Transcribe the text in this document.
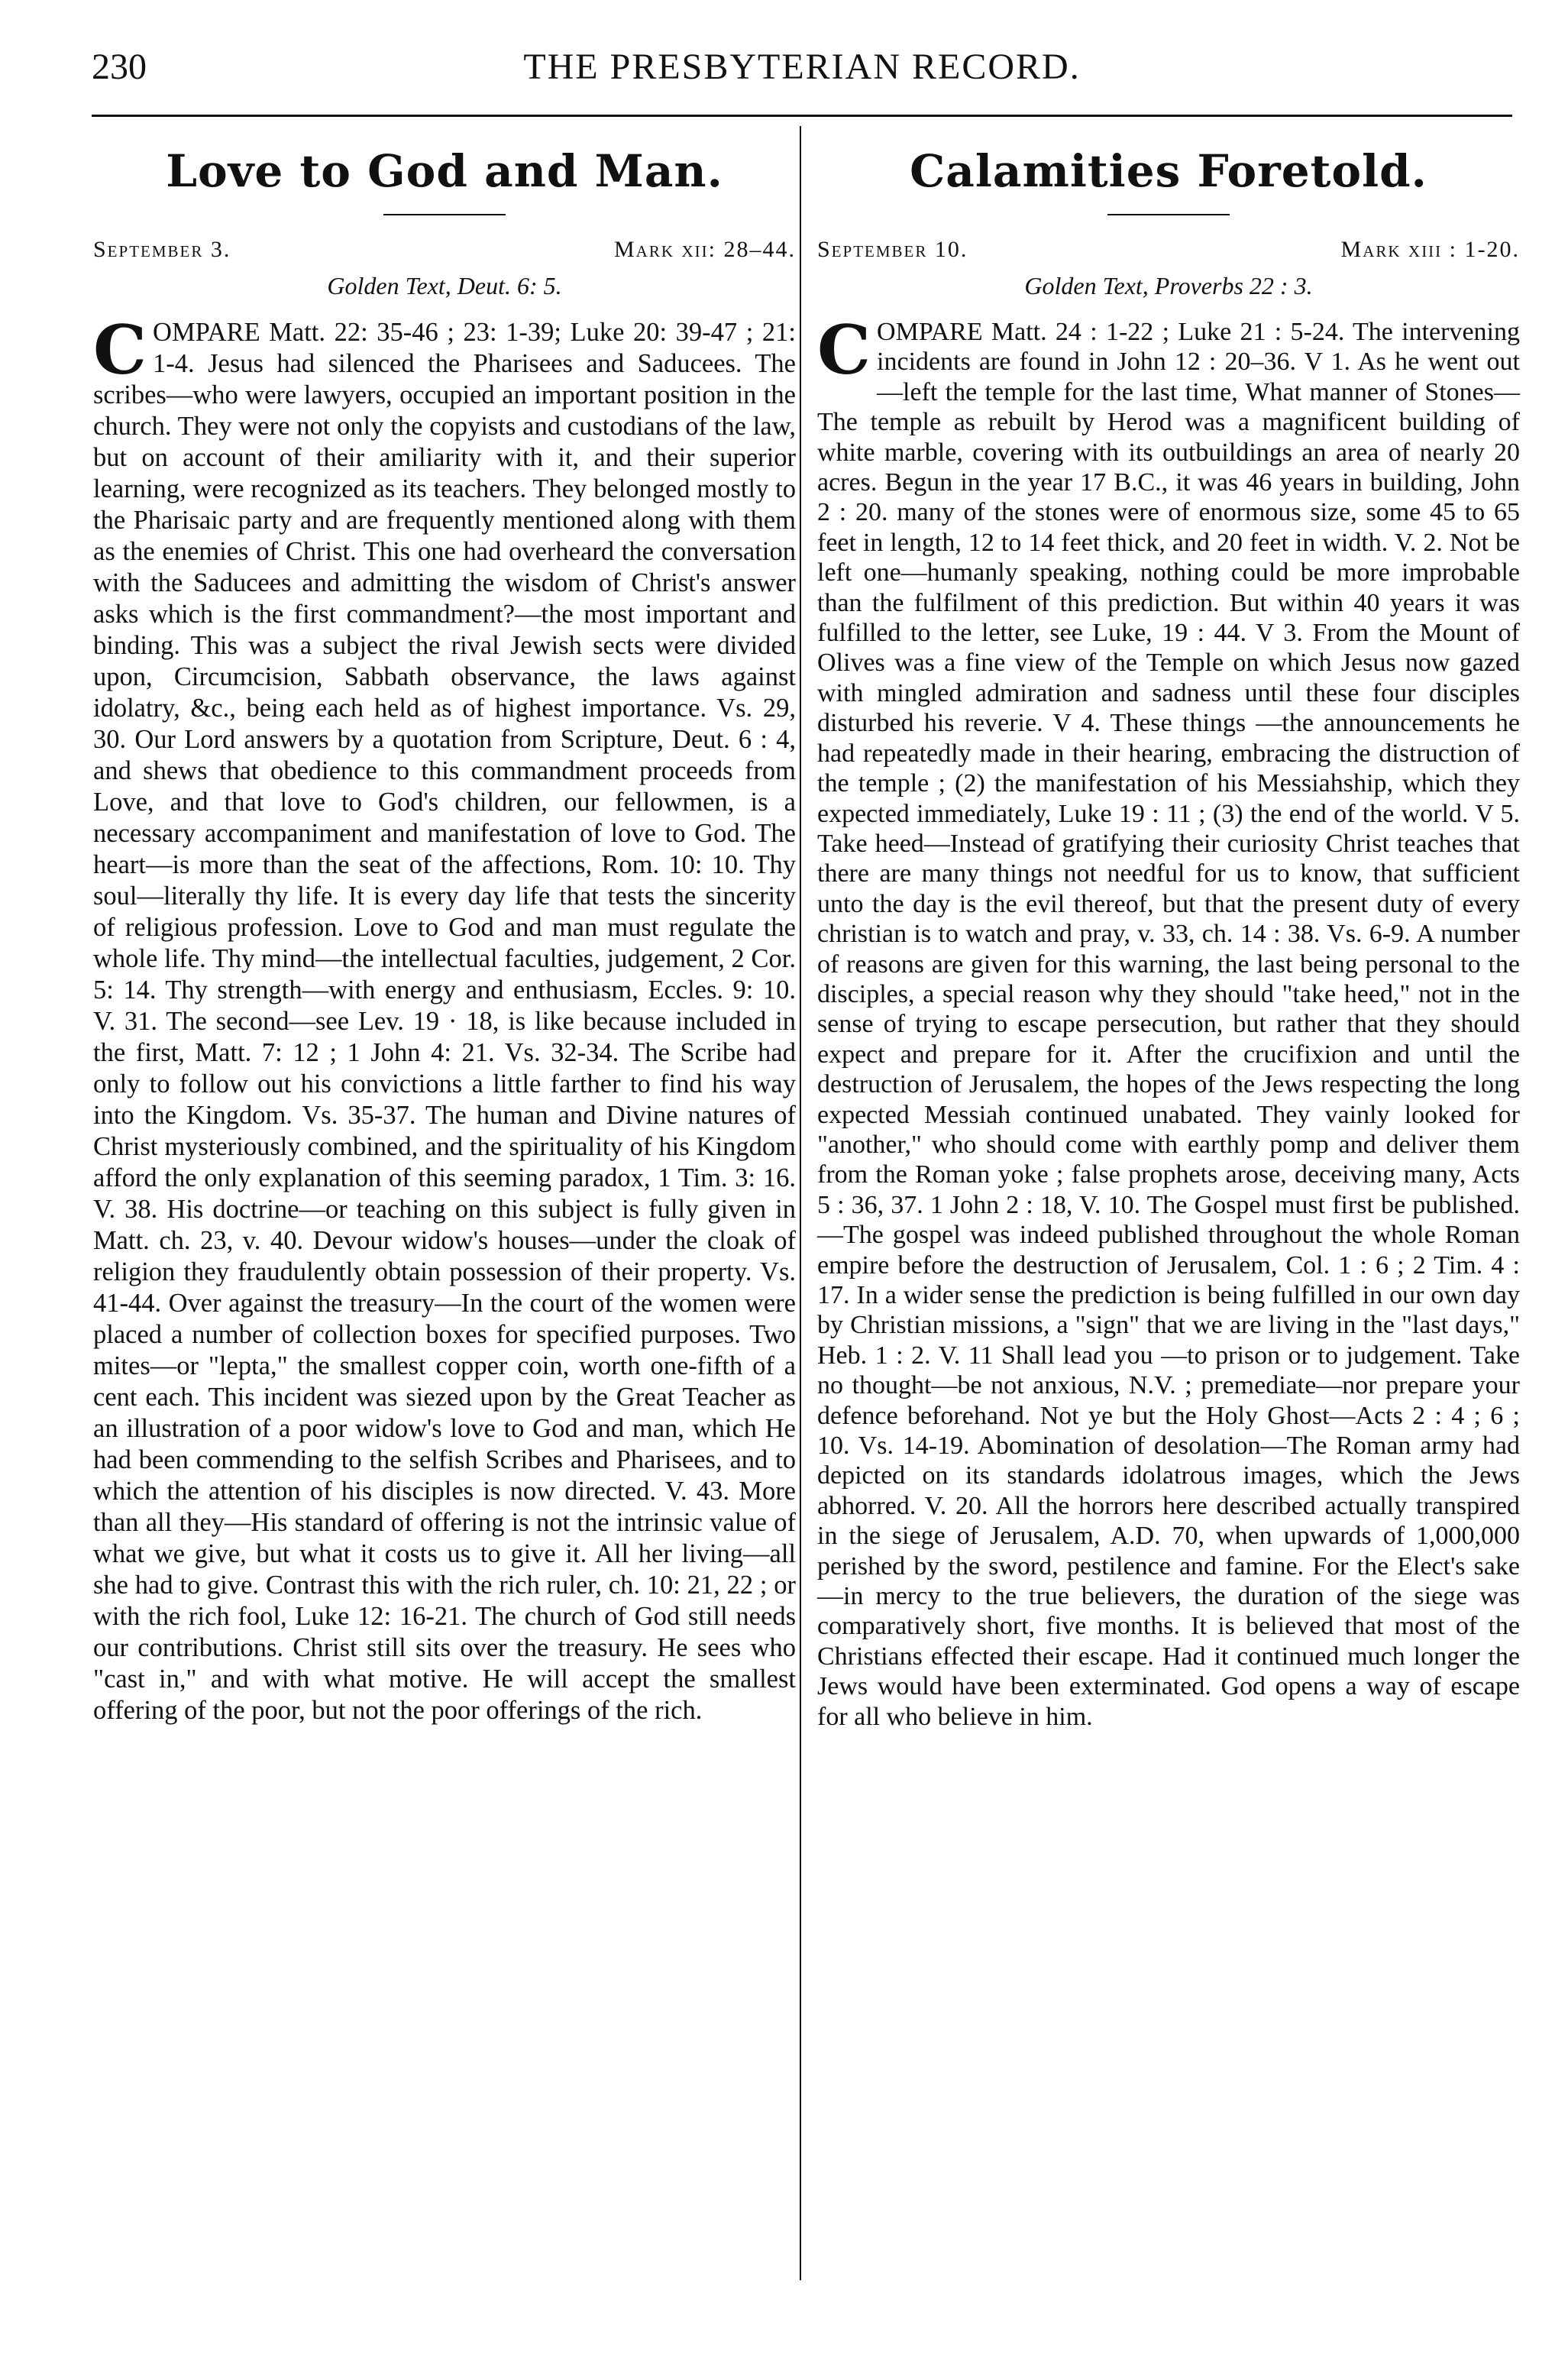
230	THE PRESBYTERIAN RECORD.
Love to God and Man.
September 3.	Mark xii: 28–44.
Golden Text, Deut. 6: 5.

COMPARE Matt. 22: 35-46 ; 23: 1-39; Luke 20: 39-47 ; 21: 1-4. Jesus had silenced the Pharisees and Saducees. The scribes—who were lawyers, occupied an important position in the church. They were not only the copyists and custodians of the law, but on account of their amiliarity with it, and their superior learning, were recognized as its teachers. They belonged mostly to the Pharisaic party and are frequently mentioned along with them as the enemies of Christ. This one had overheard the conversation with the Saducees and admitting the wisdom of Christ's answer asks which is the first commandment?—the most important and binding. This was a subject the rival Jewish sects were divided upon, Circumcision, Sabbath observance, the laws against idolatry, &c., being each held as of highest importance. Vs. 29, 30. Our Lord answers by a quotation from Scripture, Deut. 6 : 4, and shews that obedience to this commandment proceeds from Love, and that love to God's children, our fellowmen, is a necessary accompaniment and manifestation of love to God. The heart—is more than the seat of the affections, Rom. 10: 10. Thy soul—literally thy life. It is every day life that tests the sincerity of religious profession. Love to God and man must regulate the whole life. Thy mind—the intellectual faculties, judgement, 2 Cor. 5: 14. Thy strength—with energy and enthusiasm, Eccles. 9: 10. V. 31. The second—see Lev. 19 · 18, is like because included in the first, Matt. 7: 12 ; 1 John 4: 21. Vs. 32-34. The Scribe had only to follow out his convictions a little farther to find his way into the Kingdom. Vs. 35-37. The human and Divine natures of Christ mysteriously combined, and the spirituality of his Kingdom afford the only explanation of this seeming paradox, 1 Tim. 3: 16. V. 38. His doctrine—or teaching on this subject is fully given in Matt. ch. 23, v. 40. Devour widow's houses—under the cloak of religion they fraudulently obtain possession of their property. Vs. 41-44. Over against the treasury—In the court of the women were placed a number of collection boxes for specified purposes. Two mites—or "lepta," the smallest copper coin, worth one-fifth of a cent each. This incident was siezed upon by the Great Teacher as an illustration of a poor widow's love to God and man, which He had been commending to the selfish Scribes and Pharisees, and to which the attention of his disciples is now directed. V. 43. More than all they—His standard of offering is not the intrinsic value of what we give, but what it costs us to give it. All her living—all she had to give. Contrast this with the rich ruler, ch. 10: 21, 22 ; or with the rich fool, Luke 12: 16-21. The church of God still needs our contributions. Christ still sits over the treasury. He sees who "cast in," and with what motive. He will accept the smallest offering of the poor, but not the poor offerings of the rich.

Calamities Foretold.
September 10.	Mark xiii : 1-20.
Golden Text, Proverbs 22 : 3.

COMPARE Matt. 24 : 1-22 ; Luke 21 : 5-24. The intervening incidents are found in John 12 : 20–36. V 1. As he went out—left the temple for the last time, What manner of Stones—The temple as rebuilt by Herod was a magnificent building of white marble, covering with its outbuildings an area of nearly 20 acres. Begun in the year 17 B.C., it was 46 years in building, John 2 : 20. many of the stones were of enormous size, some 45 to 65 feet in length, 12 to 14 feet thick, and 20 feet in width. V. 2. Not be left one—humanly speaking, nothing could be more improbable than the fulfilment of this prediction. But within 40 years it was fulfilled to the letter, see Luke, 19 : 44. V 3. From the Mount of Olives was a fine view of the Temple on which Jesus now gazed with mingled admiration and sadness until these four disciples disturbed his reverie. V 4. These things —the announcements he had repeatedly made in their hearing, embracing the distruction of the temple ; (2) the manifestation of his Messiahship, which they expected immediately, Luke 19 : 11 ; (3) the end of the world. V 5. Take heed—Instead of gratifying their curiosity Christ teaches that there are many things not needful for us to know, that sufficient unto the day is the evil thereof, but that the present duty of every christian is to watch and pray, v. 33, ch. 14 : 38. Vs. 6-9. A number of reasons are given for this warning, the last being personal to the disciples, a special reason why they should "take heed," not in the sense of trying to escape persecution, but rather that they should expect and prepare for it. After the crucifixion and until the destruction of Jerusalem, the hopes of the Jews respecting the long expected Messiah continued unabated. They vainly looked for "another," who should come with earthly pomp and deliver them from the Roman yoke ; false prophets arose, deceiving many, Acts 5 : 36, 37. 1 John 2 : 18, V. 10. The Gospel must first be published.—The gospel was indeed published throughout the whole Roman empire before the destruction of Jerusalem, Col. 1 : 6 ; 2 Tim. 4 : 17. In a wider sense the prediction is being fulfilled in our own day by Christian missions, a "sign" that we are living in the "last days," Heb. 1 : 2. V. 11 Shall lead you —to prison or to judgement. Take no thought—be not anxious, N.V. ; premediate—nor prepare your defence beforehand. Not ye but the Holy Ghost—Acts 2 : 4 ; 6 ; 10. Vs. 14-19. Abomination of desolation—The Roman army had depicted on its standards idolatrous images, which the Jews abhorred. V. 20. All the horrors here described actually transpired in the siege of Jerusalem, A.D. 70, when upwards of 1,000,000 perished by the sword, pestilence and famine. For the Elect's sake —in mercy to the true believers, the duration of the siege was comparatively short, five months. It is believed that most of the Christians effected their escape. Had it continued much longer the Jews would have been exterminated. God opens a way of escape for all who believe in him.
